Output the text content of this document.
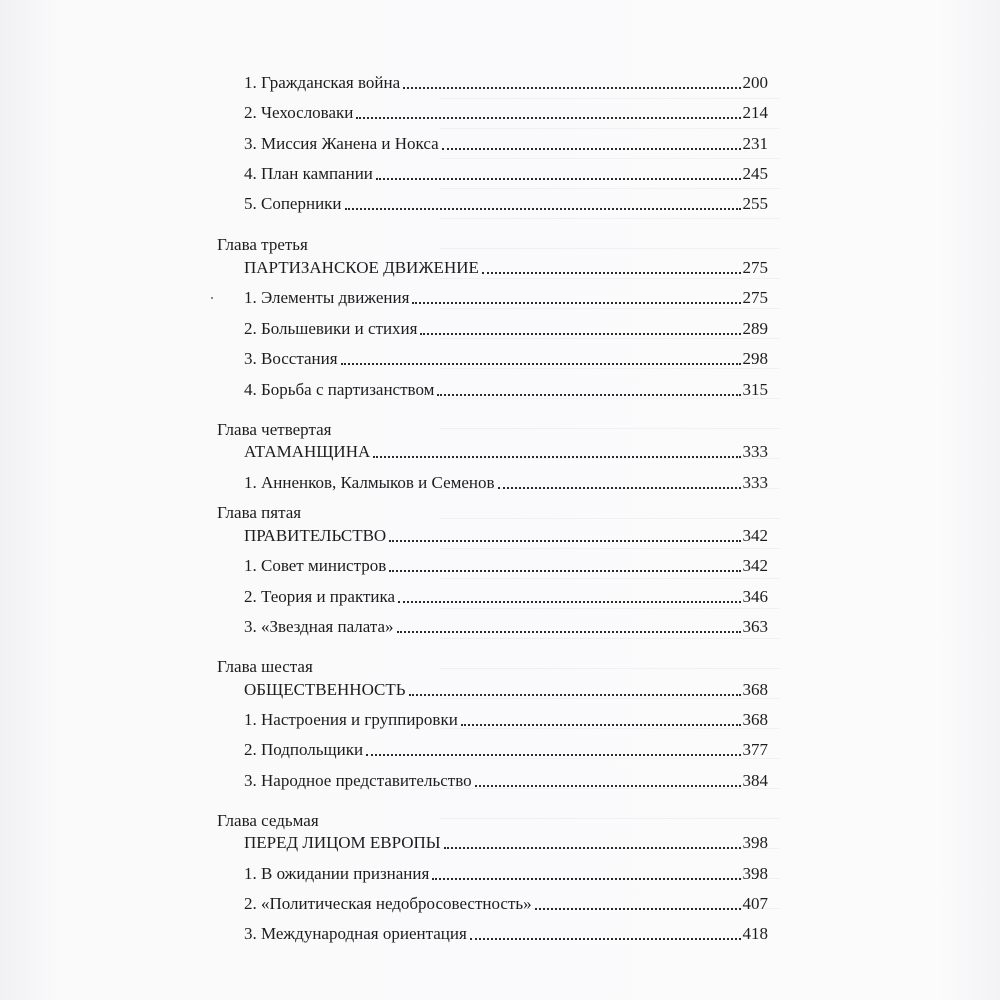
1. Гражданская война	200
2. Чехословаки	214
3. Миссия Жанена и Нокса	231
4. План кампании	245
5. Соперники	255
Глава третья
ПАРТИЗАНСКОЕ ДВИЖЕНИЕ	275
1. Элементы движения	275
2. Большевики и стихия	289
3. Восстания	298
4. Борьба с партизанством	315
Глава четвертая
АТАМАНЩИНА	333
1. Анненков, Калмыков и Семенов	333
Глава пятая
ПРАВИТЕЛЬСТВО	342
1. Совет министров	342
2. Теория и практика	346
3. «Звездная палата»	363
Глава шестая
ОБЩЕСТВЕННОСТЬ	368
1. Настроения и группировки	368
2. Подпольщики	377
3. Народное представительство	384
Глава седьмая
ПЕРЕД ЛИЦОМ ЕВРОПЫ	398
1. В ожидании признания	398
2. «Политическая недобросовестность»	407
3. Международная ориентация	418
